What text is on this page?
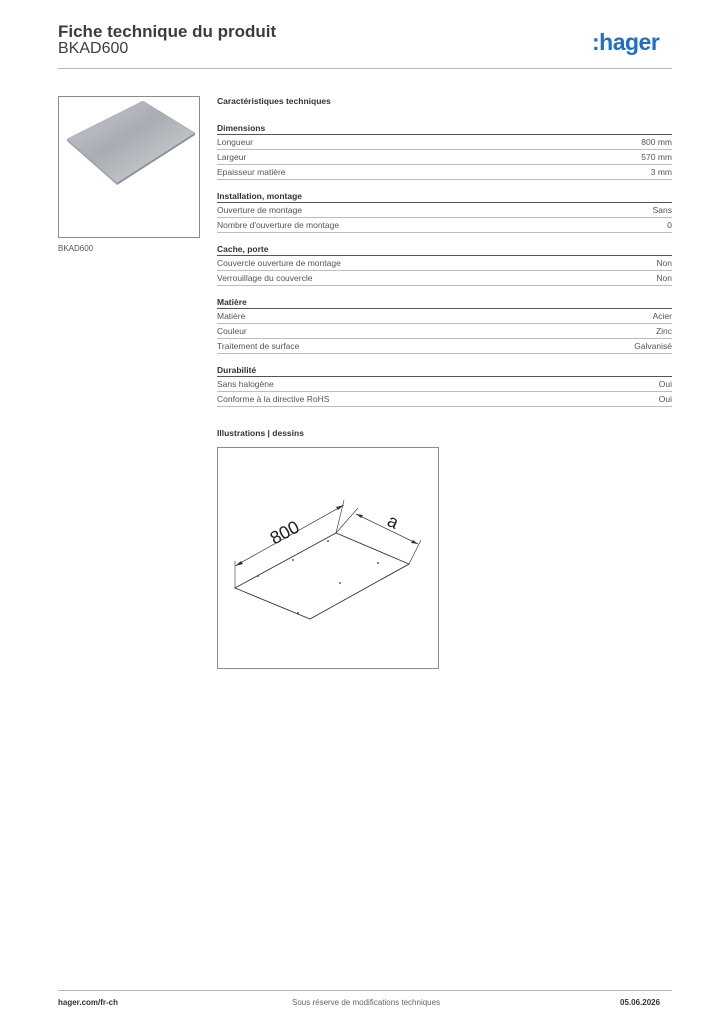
Fiche technique du produit
BKAD600	:hager
BKAD600
Caractéristiques techniques
Dimensions
Longueur	800 mm
Largeur	570 mm
Epaisseur matière	3 mm
Installation, montage
Ouverture de montage	Sans
Nombre d'ouverture de montage	0
Cache, porte
Couvercle ouverture de montage	Non
Verrouillage du couvercle	Non
Matière
Matière	Acier
Couleur	Zinc
Traitement de surface	Galvanisé
Durabilité
Sans halogène	Oui
Conforme à la directive RoHS	Oui
Illustrations | dessins
800	a
hager.com/fr-ch	Sous réserve de modifications techniques	05.06.2026
